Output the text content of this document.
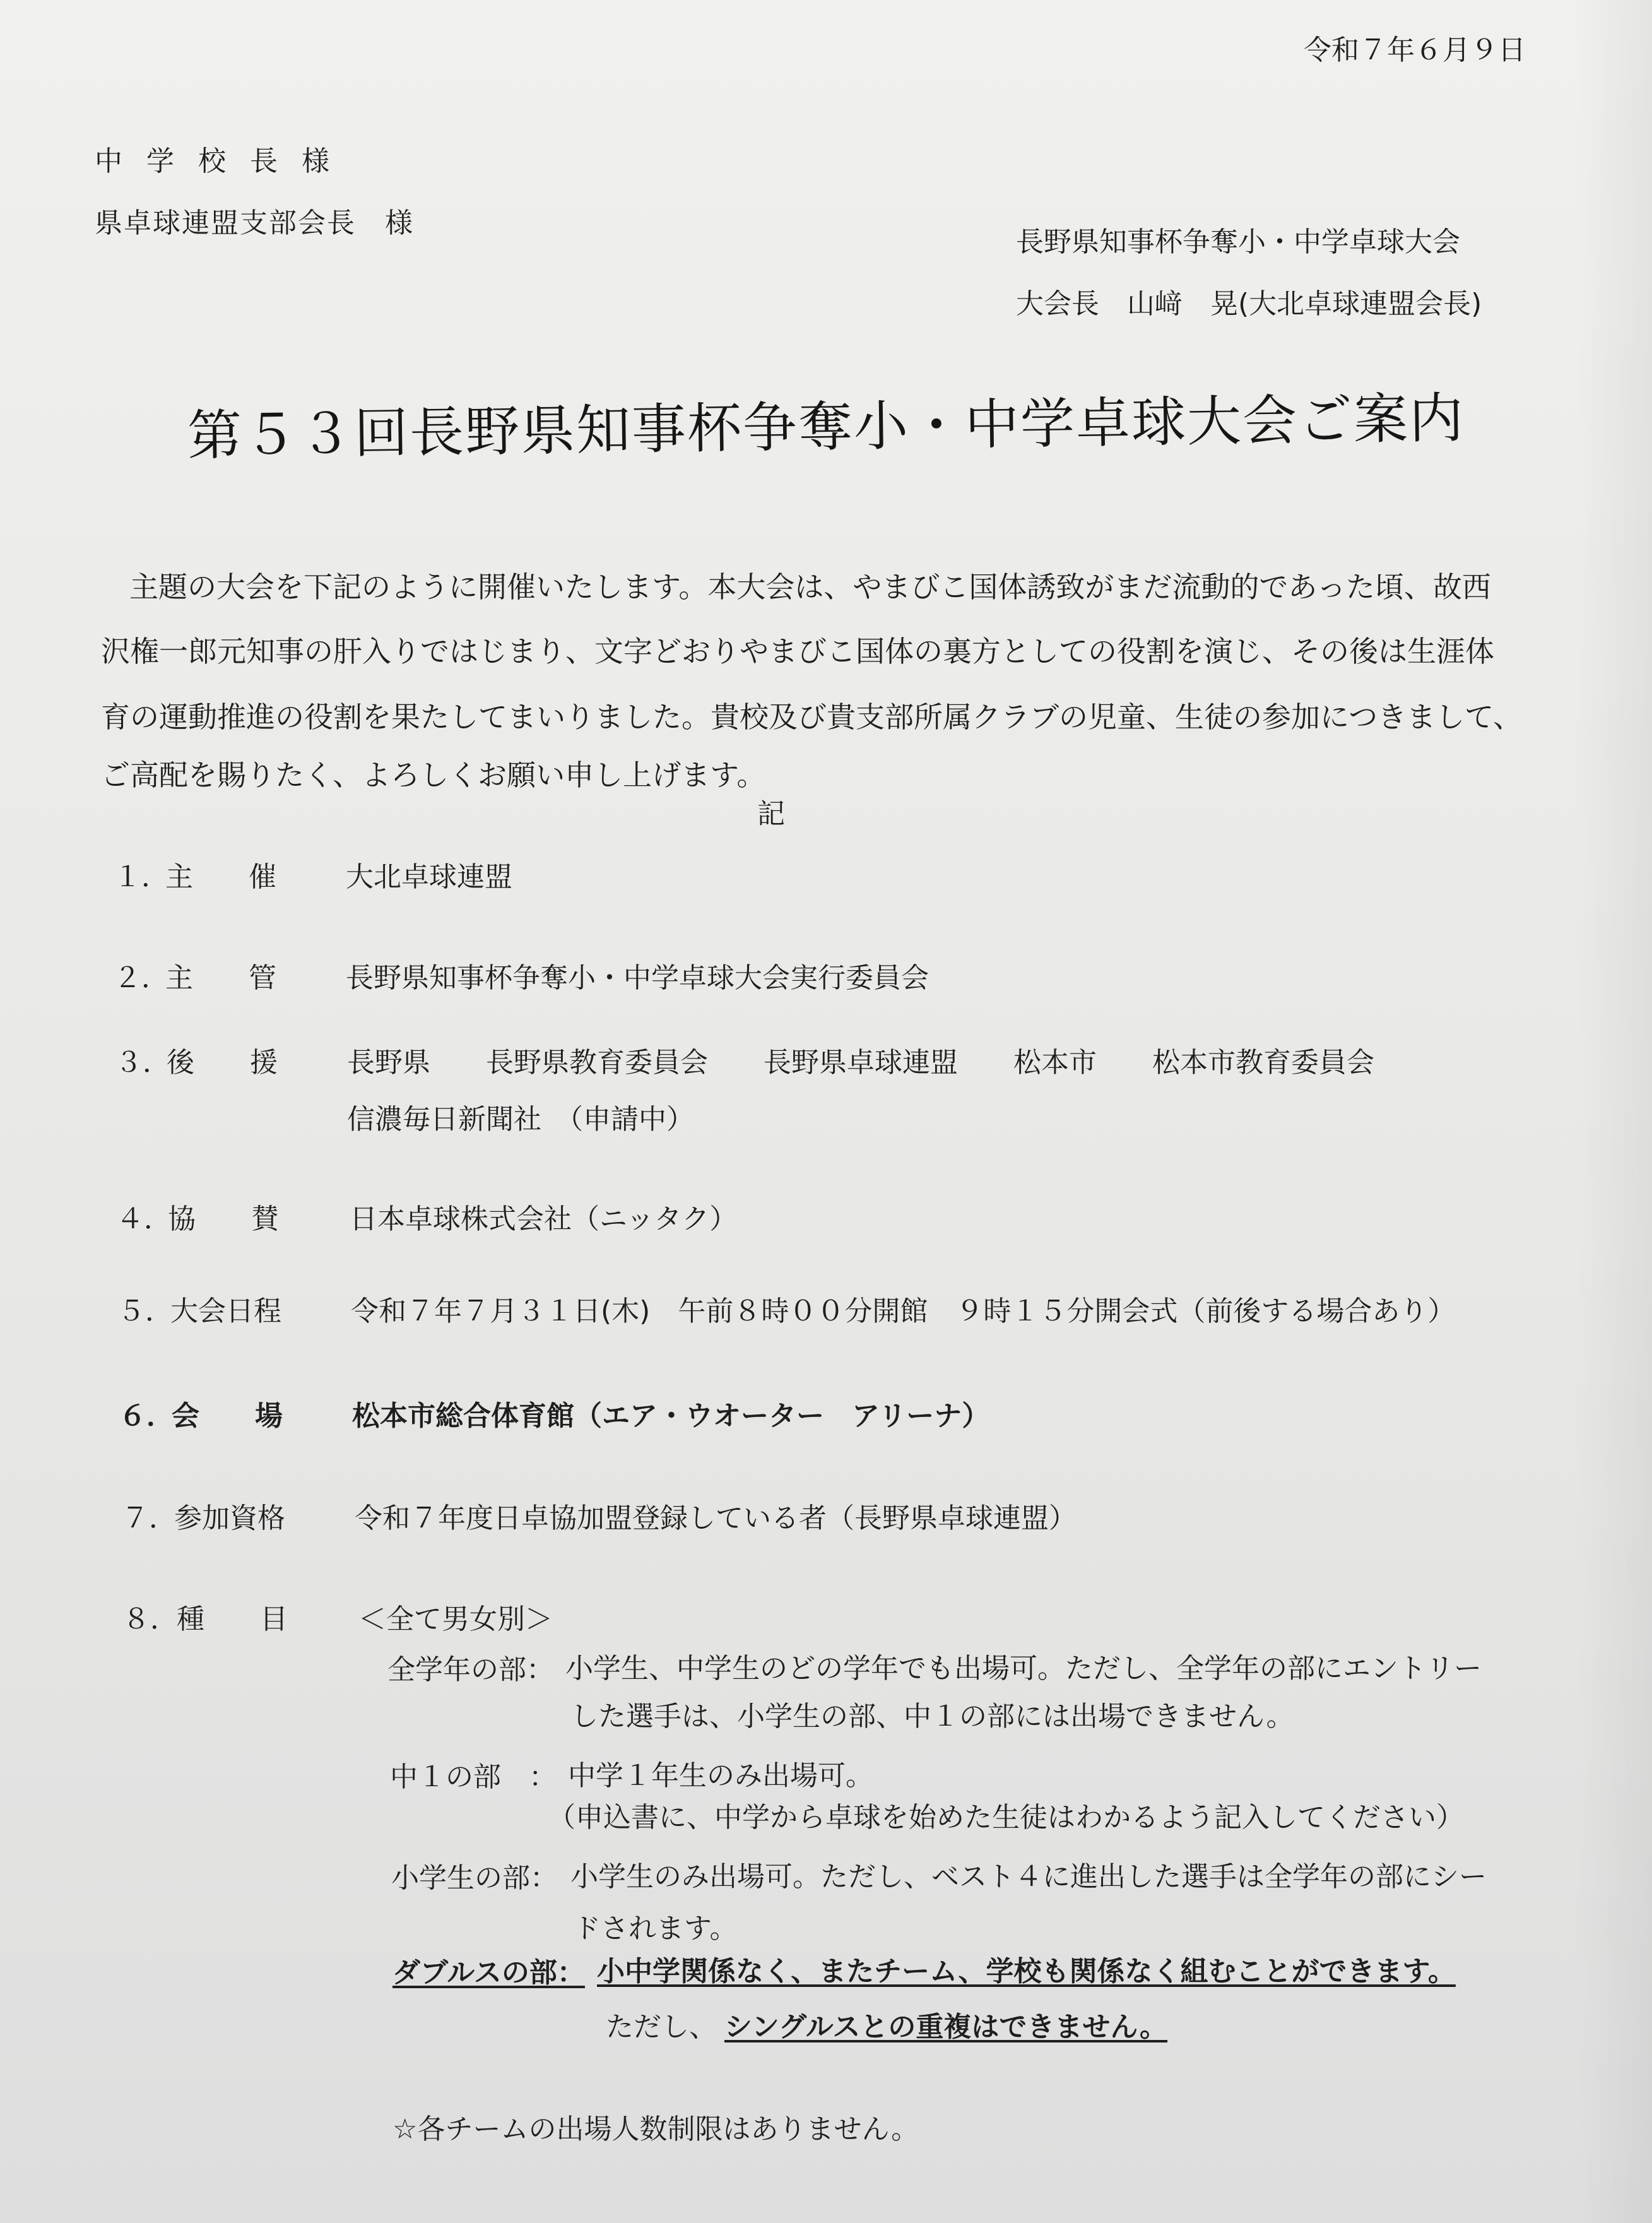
令和７年６月９日
中学校長様
県卓球連盟支部会長　様
長野県知事杯争奪小・中学卓球大会
大会長　山﨑　晃(大北卓球連盟会長)
第５３回長野県知事杯争奪小・中学卓球大会ご案内
主題の大会を下記のように開催いたします。本大会は、やまびこ国体誘致がまだ流動的であった頃、故西
沢権一郎元知事の肝入りではじまり、文字どおりやまびこ国体の裏方としての役割を演じ、その後は生涯体
育の運動推進の役割を果たしてまいりました。貴校及び貴支部所属クラブの児童、生徒の参加につきまして、
ご高配を賜りたく、よろしくお願い申し上げます。
記
１．
主　　催	大北卓球連盟
２．
主　　管	長野県知事杯争奪小・中学卓球大会実行委員会
３．
後　　援	長野県　　長野県教育委員会　　長野県卓球連盟　　松本市　　松本市教育委員会
信濃毎日新聞社　（申請中）
４．
協　　賛	日本卓球株式会社（ニッタク）
５．
大会日程	令和７年７月３１日(木)　午前８時００分開館　９時１５分開会式（前後する場合あり）
６．
会　　場	松本市総合体育館（エア・ウオーター　アリーナ）
７．
参加資格	令和７年度日卓協加盟登録している者（長野県卓球連盟）
８．
種　　目	＜全て男女別＞
全学年の部： 小学生、中学生のどの学年でも出場可。ただし、全学年の部にエントリー
した選手は、小学生の部、中１の部には出場できません。
中１の部　： 中学１年生のみ出場可。
（申込書に、中学から卓球を始めた生徒はわかるよう記入してください）
小学生の部： 小学生のみ出場可。ただし、ベスト４に進出した選手は全学年の部にシー
ドされます。
ダブルスの部： 小中学関係なく、またチーム、学校も関係なく組むことができます。
ただし、 シングルスとの重複はできません。
☆各チームの出場人数制限はありません。
